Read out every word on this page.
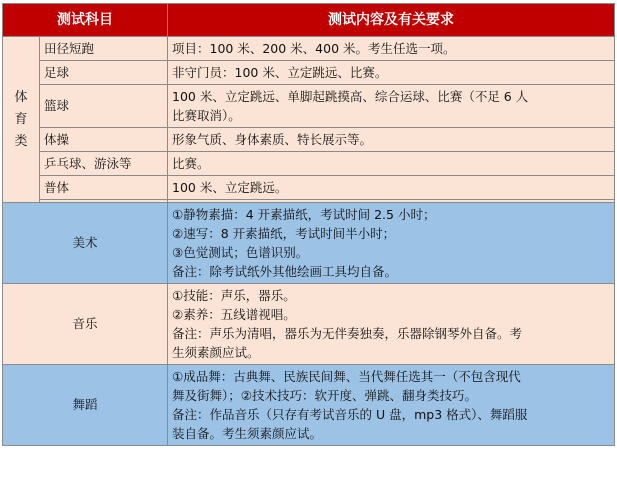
测试科目		测试内容及有关要求

体
育
类	田径短跑	项目：100 米、200 米、400 米。考生任选一项。

	足球	非守门员：100 米、立定跳远、比赛。

	篮球	100 米、立定跳远、单脚起跳摸高、综合运球、比赛（不足 6 人
比赛取消）。

	体操	形象气质、身体素质、特长展示等。

	乒乓球、游泳等	比赛。

	普体	100 米、立定跳远。

美术		①静物素描：4 开素描纸，考试时间 2.5 小时；
②速写：8 开素描纸，考试时间半小时；
③色觉测试；色谱识别。
备注：除考试纸外其他绘画工具均自备。

音乐		①技能：声乐，器乐。
②素养：五线谱视唱。
备注：声乐为清唱，器乐为无伴奏独奏，乐器除钢琴外自备。考
生须素颜应试。

舞蹈		①成品舞：古典舞、民族民间舞、当代舞任选其一（不包含现代
舞及街舞）；②技术技巧：软开度、弹跳、翻身类技巧。
备注：作品音乐（只存有考试音乐的 U 盘，mp3 格式）、舞蹈服
装自备。考生须素颜应试。
